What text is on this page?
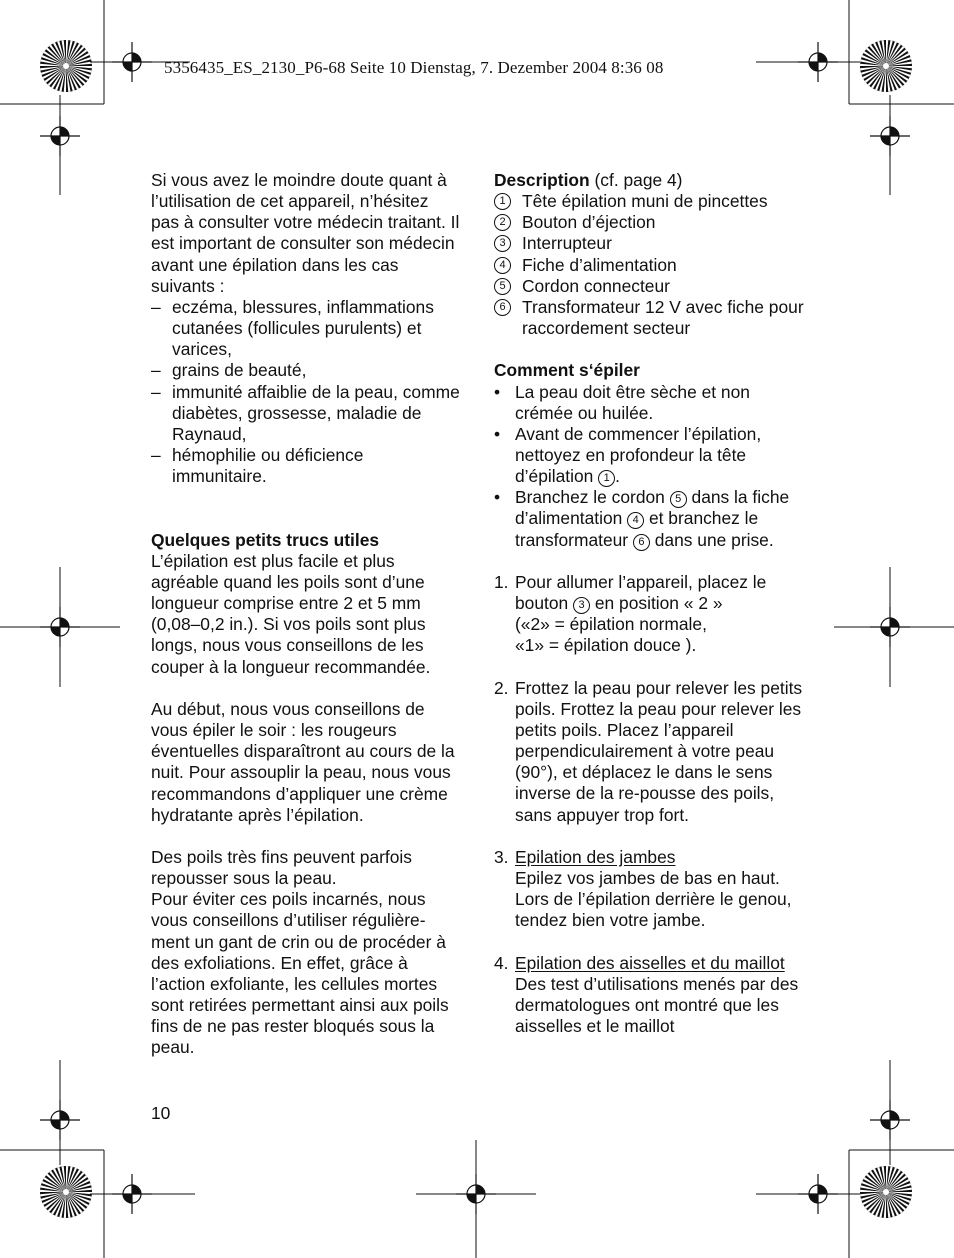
5356435_ES_2130_P6-68 Seite 10 Dienstag, 7. Dezember 2004 8:36 08

Si vous avez le moindre doute quant à l’utilisation de cet appareil, n’hésitez pas à consulter votre médecin traitant. Il est important de consulter son médecin avant une épilation dans les cas suivants :

– eczéma, blessures, inflammations cutanées (follicules purulents) et varices,
– grains de beauté,
– immunité affaiblie de la peau, comme diabètes, grossesse, maladie de Raynaud,
– hémophilie ou déficience immunitaire.

Quelques petits trucs utiles

L’épilation est plus facile et plus agréable quand les poils sont d’une longueur comprise entre 2 et 5 mm (0,08–0,2 in.). Si vos poils sont plus longs, nous vous conseillons de les couper à la longueur recommandée.

Au début, nous vous conseillons de vous épiler le soir : les rougeurs éventuelles disparaîtront au cours de la nuit. Pour assouplir la peau, nous vous recommandons d’appliquer une crème hydratante après l’épilation.

Des poils très fins peuvent parfois repousser sous la peau.

Pour éviter ces poils incarnés, nous vous conseillons d’utiliser régulière-ment un gant de crin ou de procéder à des exfoliations. En effet, grâce à l’action exfoliante, les cellules mortes sont retirées permettant ainsi aux poils fins de ne pas rester bloqués sous la peau.

Description (cf. page 4)

1 Tête épilation muni de pincettes
2 Bouton d’éjection
3 Interrupteur
4 Fiche d’alimentation
5 Cordon connecteur
6 Transformateur 12 V avec fiche pour raccordement secteur

Comment s‘épiler

• La peau doit être sèche et non crémée ou huilée.
• Avant de commencer l’épilation, nettoyez en profondeur la tête d’épilation 1 .
• Branchez le cordon 5 dans la fiche d’alimentation 4 et branchez le transformateur 6 dans une prise.
1. Pour allumer l’appareil, placez le bouton 3 en position « 2 »
(«2» = épilation normale,
«1» = épilation douce ).
2. Frottez la peau pour relever les petits poils. Frottez la peau pour relever les petits poils. Placez l’appareil perpendiculairement à votre peau (90°), et déplacez le dans le sens inverse de la re-pousse des poils, sans appuyer trop fort.
3. Epilation des jambes
Epilez vos jambes de bas en haut. Lors de l’épilation derrière le genou, tendez bien votre jambe.
4. Epilation des aisselles et du maillot
Des test d’utilisations menés par des dermatologues ont montré que les aisselles et le maillot
10
